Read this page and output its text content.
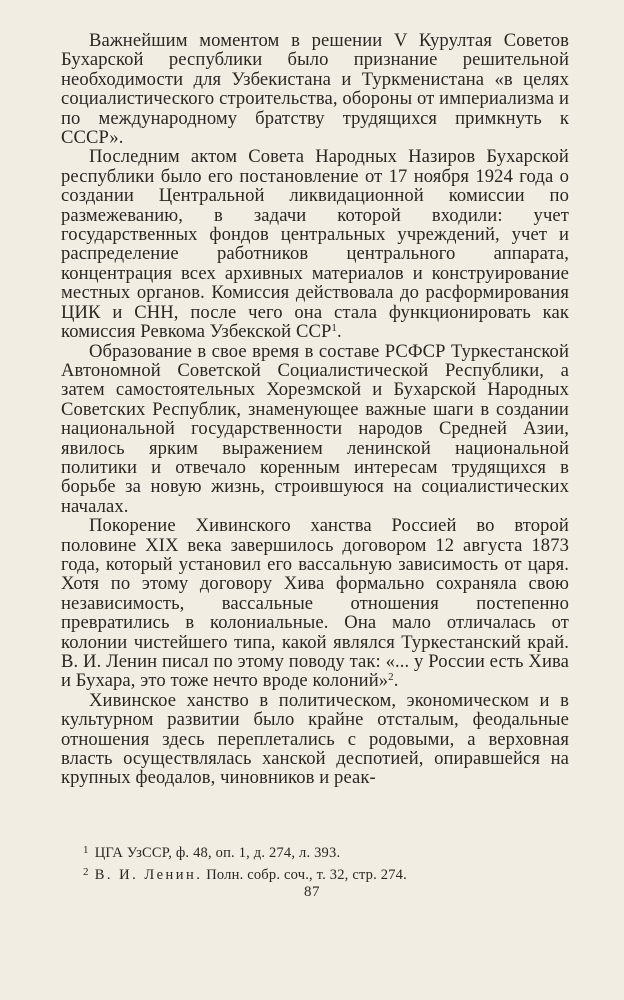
Важнейшим моментом в решении V Курултая Советов Бухарской республики было признание решительной необходимости для Узбекистана и Туркменистана «в целях социалистического строительства, обороны от империализма и по международному братству трудящихся примкнуть к СССР».

Последним актом Совета Народных Назиров Бухарской республики было его постановление от 17 ноября 1924 года о создании Центральной ликвидационной комиссии по размежеванию, в задачи которой входили: учет государственных фондов центральных учреждений, учет и распределение работников центрального аппарата, концентрация всех архивных материалов и конструирование местных органов. Комиссия действовала до расформирования ЦИК и СНН, после чего она стала функционировать как комиссия Ревкома Узбекской ССР$^1$.

Образование в свое время в составе РСФСР Туркестанской Автономной Советской Социалистической Республики, а затем самостоятельных Хорезмской и Бухарской Народных Советских Республик, знаменующее важные шаги в создании национальной государственности народов Средней Азии, явилось ярким выражением ленинской национальной политики и отвечало коренным интересам трудящихся в борьбе за новую жизнь, строившуюся на социалистических началах.

Покорение Хивинского ханства Россией во второй половине XIX века завершилось договором 12 августа 1873 года, который установил его вассальную зависимость от царя. Хотя по этому договору Хива формально сохраняла свою независимость, вассальные отношения постепенно превратились в колониальные. Она мало отличалась от колонии чистейшего типа, какой являлся Туркестанский край. В. И. Ленин писал по этому поводу так: «... у России есть Хива и Бухара, это тоже нечто вроде колоний»$^2$.

Хивинское ханство в политическом, экономическом и в культурном развитии было крайне отсталым, феодальные отношения здесь переплетались с родовыми, а верховная власть осуществлялась ханской деспотией, опиравшейся на крупных феодалов, чиновников и реак-

$^1$ ЦГА УзССР, ф. 48, оп. 1, д. 274, л. 393.

$^2$ В. И. Ленин. Полн. собр. соч., т. 32, стр. 274.

87
